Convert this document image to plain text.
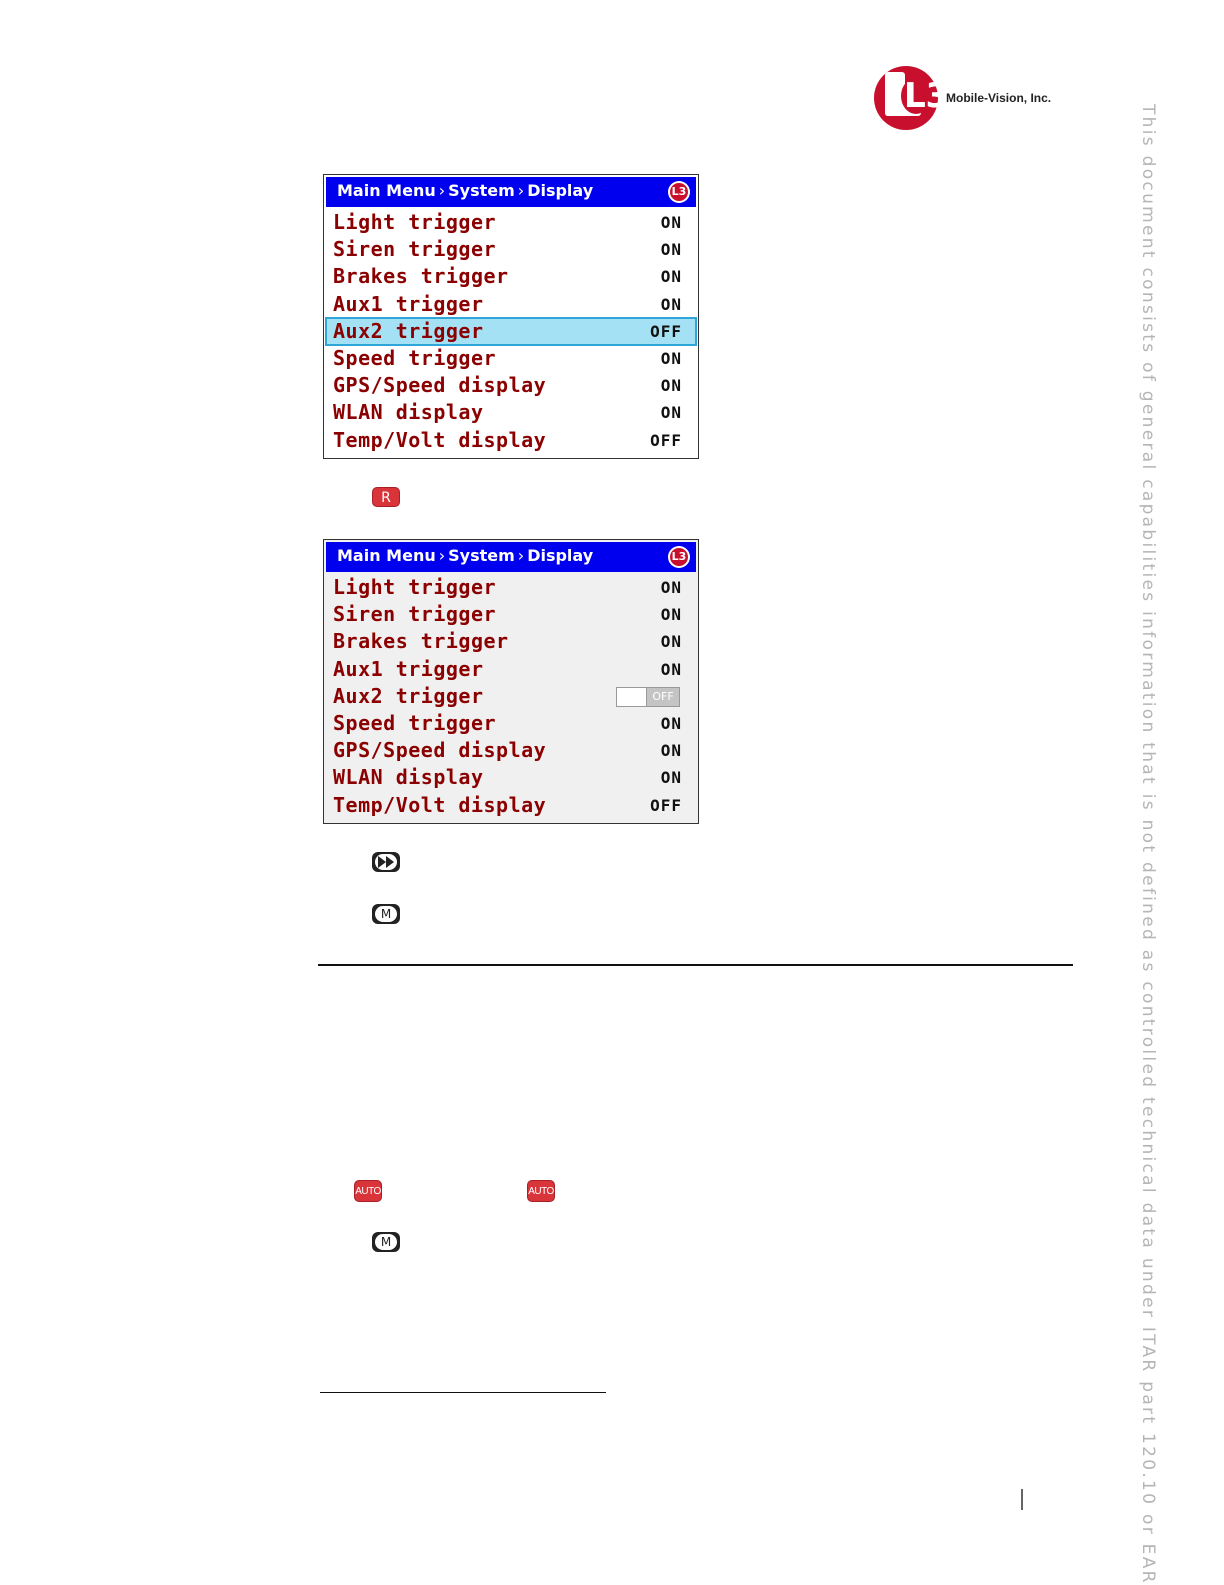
L3
Mobile-Vision, Inc.
This document consists of general capabilities information that is not defined as controlled technical data under ITAR part 120.10 or EAR
Main Menu › System › Display	L3
Light trigger	ON
Siren trigger	ON
Brakes trigger	ON
Aux1 trigger	ON
Aux2 trigger	OFF
Speed trigger	ON
GPS/Speed display	ON
WLAN display	ON
Temp/Volt display	OFF
R
Main Menu › System › Display	L3
Light trigger	ON
Siren trigger	ON
Brakes trigger	ON
Aux1 trigger	ON
Aux2 trigger	OFF
Speed trigger	ON
GPS/Speed display	ON
WLAN display	ON
Temp/Volt display	OFF
M
AUTO	AUTO
M
